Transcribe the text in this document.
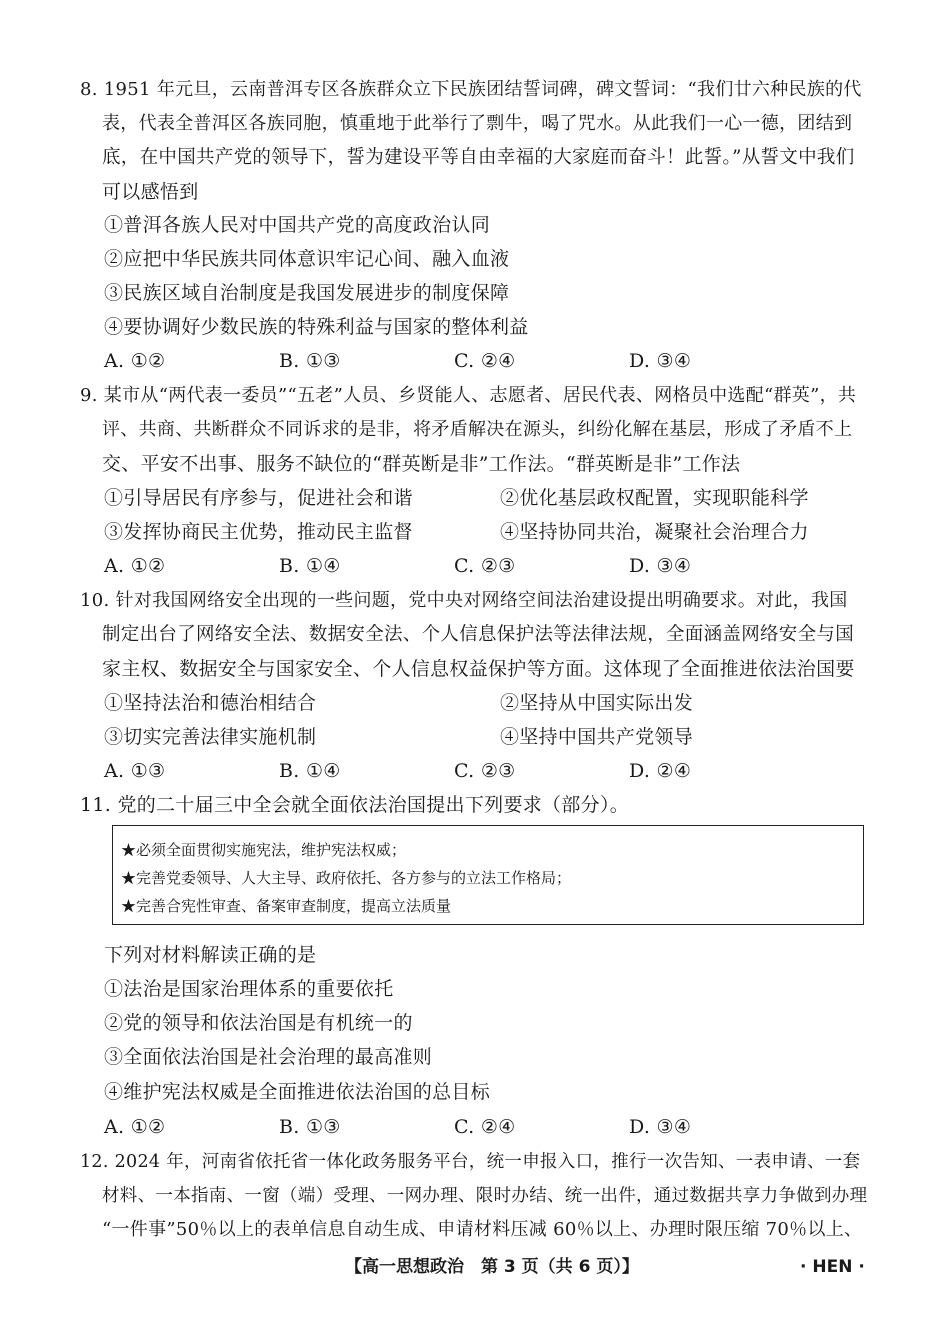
8. 1951 年元旦，云南普洱专区各族群众立下民族团结誓词碑，碑文誓词：“我们廿六种民族的代
表，代表全普洱区各族同胞，慎重地于此举行了剽牛，喝了咒水。从此我们一心一德，团结到
底，在中国共产党的领导下，誓为建设平等自由幸福的大家庭而奋斗！此誓。”从誓文中我们
可以感悟到
①普洱各族人民对中国共产党的高度政治认同
②应把中华民族共同体意识牢记心间、融入血液
③民族区域自治制度是我国发展进步的制度保障
④要协调好少数民族的特殊利益与国家的整体利益
A. ①②	B. ①③	C. ②④	D. ③④
9. 某市从“两代表一委员”“五老”人员、乡贤能人、志愿者、居民代表、网格员中选配“群英”，共
评、共商、共断群众不同诉求的是非，将矛盾解决在源头，纠纷化解在基层，形成了矛盾不上
交、平安不出事、服务不缺位的“群英断是非”工作法。“群英断是非”工作法
①引导居民有序参与，促进社会和谐	②优化基层政权配置，实现职能科学
③发挥协商民主优势，推动民主监督	④坚持协同共治，凝聚社会治理合力
A. ①②	B. ①④	C. ②③	D. ③④
10. 针对我国网络安全出现的一些问题，党中央对网络空间法治建设提出明确要求。对此，我国
制定出台了网络安全法、数据安全法、个人信息保护法等法律法规，全面涵盖网络安全与国
家主权、数据安全与国家安全、个人信息权益保护等方面。这体现了全面推进依法治国要
①坚持法治和德治相结合	②坚持从中国实际出发
③切实完善法律实施机制	④坚持中国共产党领导
A. ①③	B. ①④	C. ②③	D. ②④
11. 党的二十届三中全会就全面依法治国提出下列要求（部分）。
★必须全面贯彻实施宪法，维护宪法权威；
★完善党委领导、人大主导、政府依托、各方参与的立法工作格局；
★完善合宪性审查、备案审查制度，提高立法质量
下列对材料解读正确的是
①法治是国家治理体系的重要依托
②党的领导和依法治国是有机统一的
③全面依法治国是社会治理的最高准则
④维护宪法权威是全面推进依法治国的总目标
A. ①②	B. ①③	C. ②④	D. ③④
12. 2024 年，河南省依托省一体化政务服务平台，统一申报入口，推行一次告知、一表申请、一套
材料、一本指南、一窗（端）受理、一网办理、限时办结、统一出件，通过数据共享力争做到办理
“一件事”50％以上的表单信息自动生成、申请材料压减 60％以上、办理时限压缩 70％以上、
【高一思想政治　第 3 页（共 6 页）】	· HEN ·
